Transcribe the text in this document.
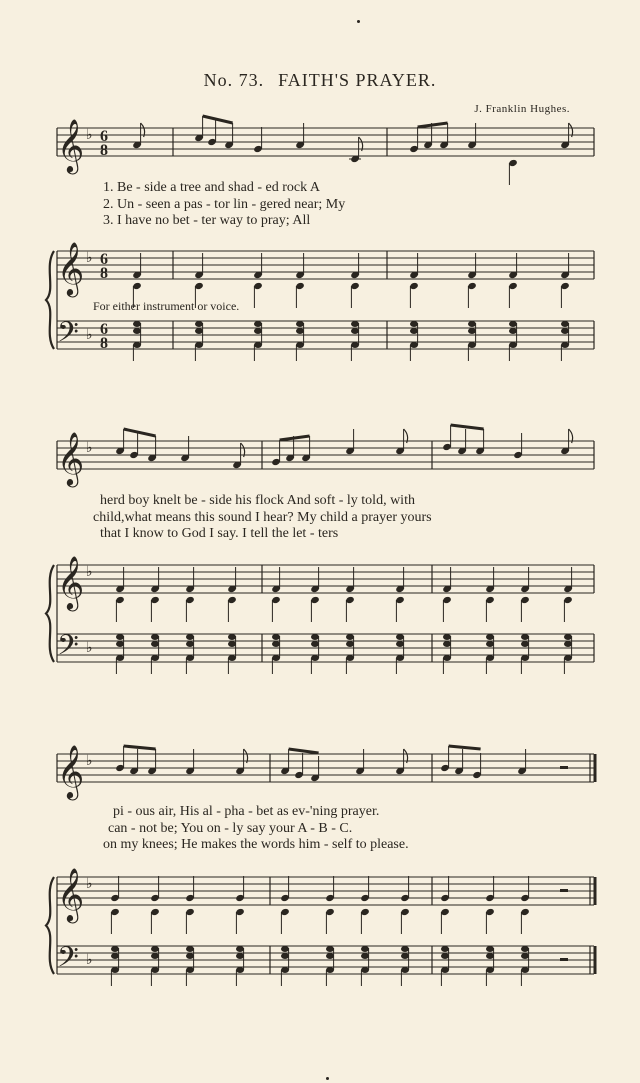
No. 73. FAITH'S PRAYER.
J. Franklin Hughes.
𝄞 ♭ 6
8
𝄞 ♭ 6
8
𝄢 ♭ 6
8
𝄞 ♭
𝄞 ♭
𝄢 ♭
𝄞 ♭
𝄞 ♭
𝄢 ♭
1. Be - side a tree and shad - ed rock A
2. Un - seen a pas - tor lin - gered near; My
3. I have no bet - ter way to pray; All
For either instrument or voice.
herd boy knelt be - side his flock And soft - ly told, with
child,what means this sound I hear? My child a prayer yours
that I know to God I say. I tell the let - ters
pi - ous air, His al - pha - bet as ev-'ning prayer.
can - not be; You on - ly say your A - B - C.
on my knees; He makes the words him - self to please.
